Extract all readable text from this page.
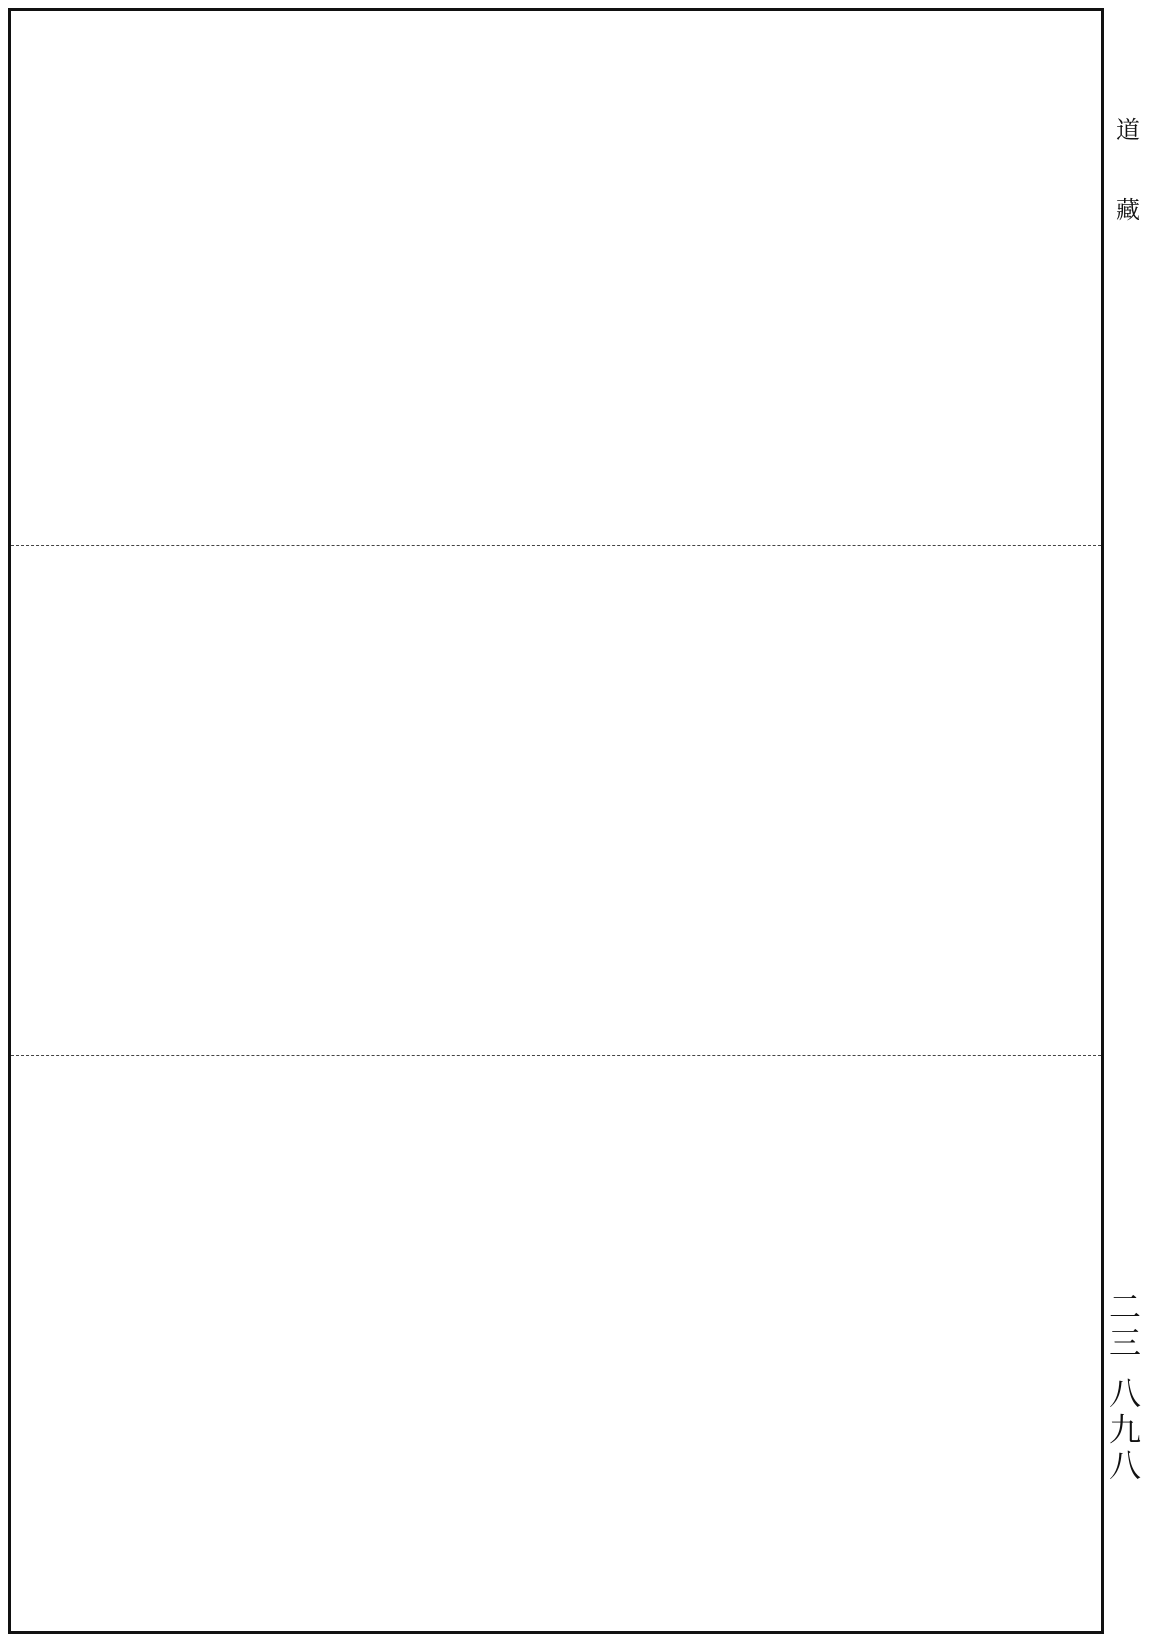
道
藏
二三 八九八
